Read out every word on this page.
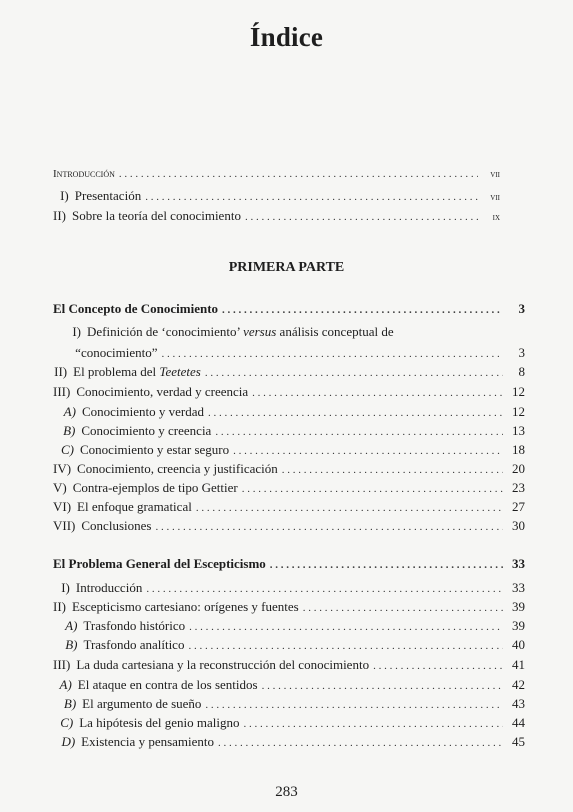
Índice
Introducción . . .	vii
I) Presentación . . .	vii
II) Sobre la teoría del conocimiento . . .	ix
PRIMERA PARTE
El Concepto de Conocimiento . . .	3
I) Definición de ‘conocimiento’ versus análisis conceptual de
“conocimiento” . . .	3
II) El problema del Teetetes . . .	8
III) Conocimiento, verdad y creencia . . .	12
A) Conocimiento y verdad . . .	12
B) Conocimiento y creencia . . .	13
C) Conocimiento y estar seguro . . .	18
IV) Conocimiento, creencia y justificación . . .	20
V) Contra-ejemplos de tipo Gettier . . .	23
VI) El enfoque gramatical . . .	27
VII) Conclusiones . . .	30
El Problema General del Escepticismo . . .	33
I) Introducción . . .	33
II) Escepticismo cartesiano: orígenes y fuentes . . .	39
A) Trasfondo histórico . . .	39
B) Trasfondo analítico . . .	40
III) La duda cartesiana y la reconstrucción del conocimiento . . .	41
A) El ataque en contra de los sentidos . . .	42
B) El argumento de sueño . . .	43
C) La hipótesis del genio maligno . . .	44
D) Existencia y pensamiento . . .	45
283
